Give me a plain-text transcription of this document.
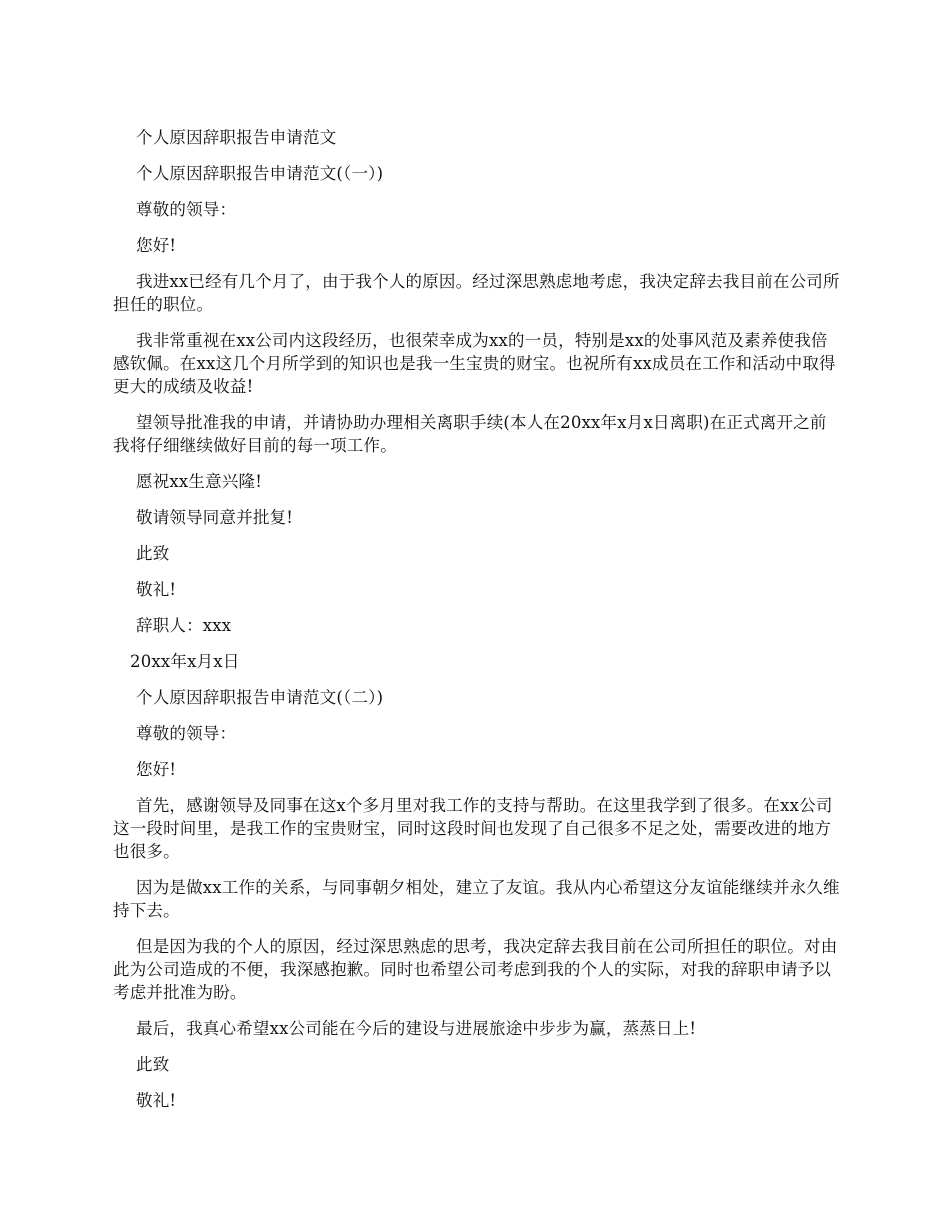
个人原因辞职报告申请范文

个人原因辞职报告申请范文(（一）)

尊敬的领导：

您好!

我进xx已经有几个月了，由于我个人的原因。经过深思熟虑地考虑，我决定辞去我目前在公司所担任的职位。

我非常重视在xx公司内这段经历，也很荣幸成为xx的一员，特别是xx的处事风范及素养使我倍感钦佩。在xx这几个月所学到的知识也是我一生宝贵的财宝。也祝所有xx成员在工作和活动中取得更大的成绩及收益!

望领导批准我的申请，并请协助办理相关离职手续(本人在20xx年x月x日离职)在正式离开之前我将仔细继续做好目前的每一项工作。

愿祝xx生意兴隆!

敬请领导同意并批复!

此致

敬礼!

辞职人：xxx

20xx年x月x日

个人原因辞职报告申请范文(（二）)

尊敬的领导：

您好!

首先，感谢领导及同事在这x个多月里对我工作的支持与帮助。在这里我学到了很多。在xx公司这一段时间里，是我工作的宝贵财宝，同时这段时间也发现了自己很多不足之处，需要改进的地方也很多。

因为是做xx工作的关系，与同事朝夕相处，建立了友谊。我从内心希望这分友谊能继续并永久维持下去。

但是因为我的个人的原因，经过深思熟虑的思考，我决定辞去我目前在公司所担任的职位。对由此为公司造成的不便，我深感抱歉。同时也希望公司考虑到我的个人的实际，对我的辞职申请予以考虑并批准为盼。

最后，我真心希望xx公司能在今后的建设与进展旅途中步步为赢，蒸蒸日上!

此致

敬礼!
